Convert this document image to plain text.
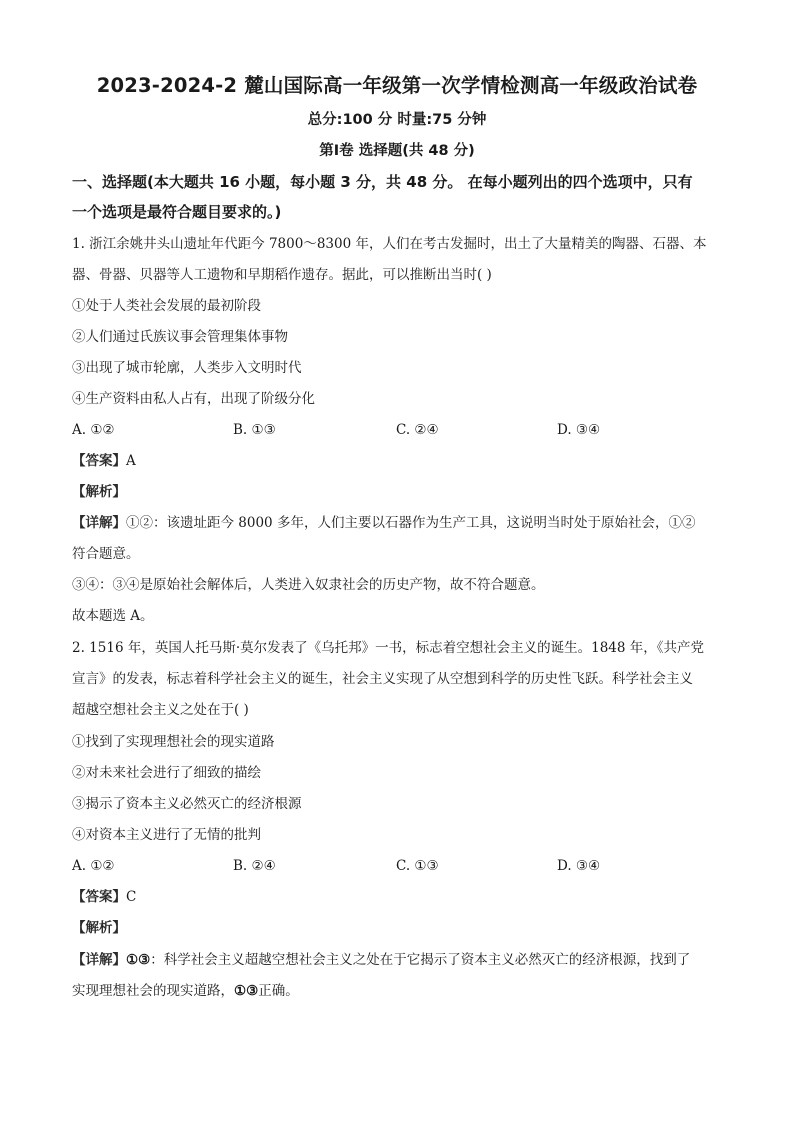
2023-2024-2 麓山国际高一年级第一次学情检测高一年级政治试卷
总分:100 分 时量:75 分钟
第Ⅰ卷 选择题(共 48 分)
一、选择题(本大题共 16 小题，每小题 3 分，共 48 分。 在每小题列出的四个选项中，只有
一个选项是最符合题目要求的。)
1. 浙江余姚井头山遗址年代距今 7800～8300 年，人们在考古发掘时，出土了大量精美的陶器、石器、本
器、骨器、贝器等人工遗物和早期稻作遗存。据此，可以推断出当时( )
①处于人类社会发展的最初阶段
②人们通过氏族议事会管理集体事物
③出现了城市轮廓，人类步入文明时代
④生产资料由私人占有，出现了阶级分化
A. ①②	B. ①③	C. ②④	D. ③④
【答案】A
【解析】
【详解】①②：该遗址距今 8000 多年，人们主要以石器作为生产工具，这说明当时处于原始社会，①②
符合题意。
③④：③④是原始社会解体后，人类进入奴隶社会的历史产物，故不符合题意。
故本题选 A。
2. 1516 年，英国人托马斯·莫尔发表了《乌托邦》一书，标志着空想社会主义的诞生。1848 年，《共产党
宣言》的发表，标志着科学社会主义的诞生，社会主义实现了从空想到科学的历史性飞跃。科学社会主义
超越空想社会主义之处在于( )
①找到了实现理想社会的现实道路
②对未来社会进行了细致的描绘
③揭示了资本主义必然灭亡的经济根源
④对资本主义进行了无情的批判
A. ①②	B. ②④	C. ①③	D. ③④
【答案】C
【解析】
【详解】①③：科学社会主义超越空想社会主义之处在于它揭示了资本主义必然灭亡的经济根源，找到了
实现理想社会的现实道路，①③正确。
